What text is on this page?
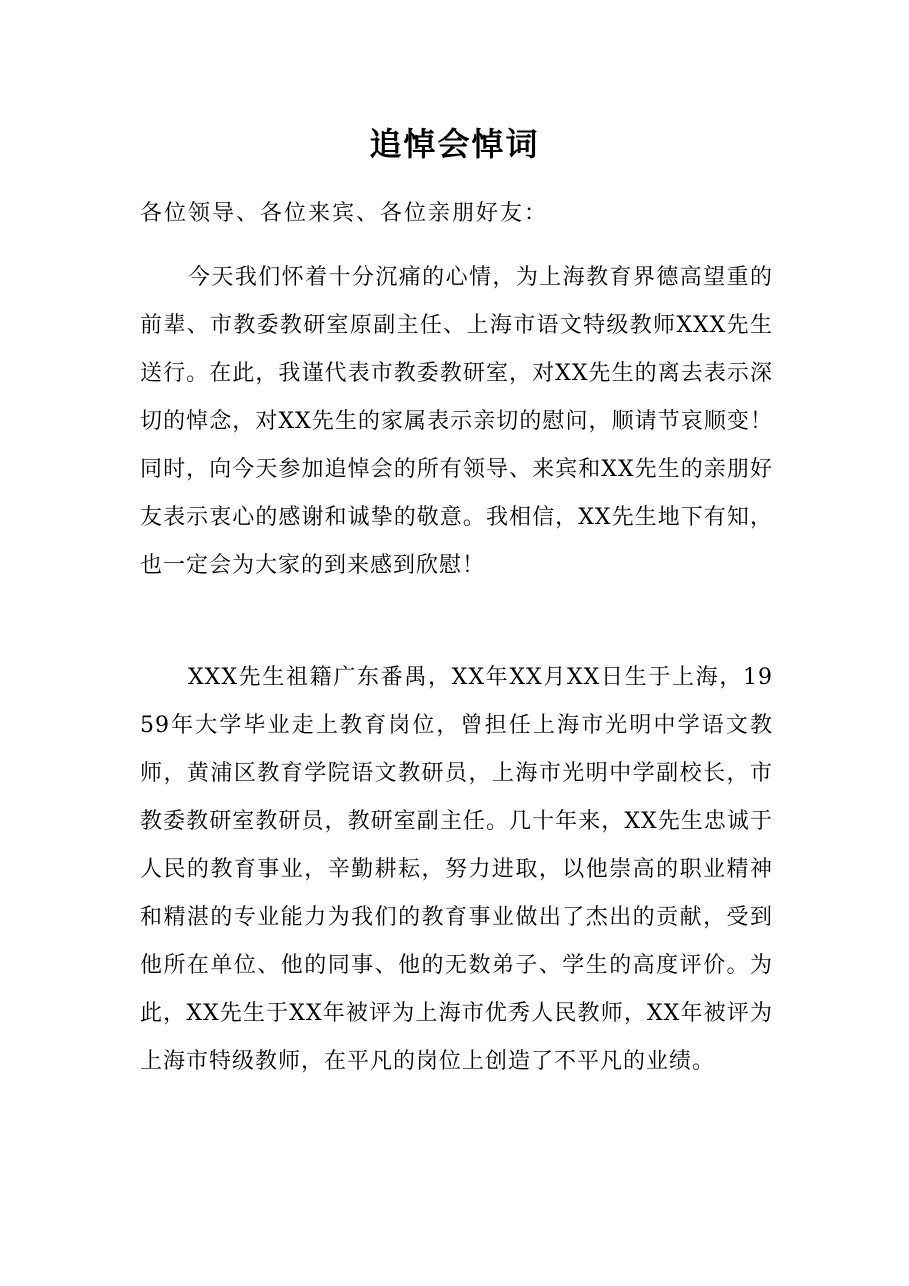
追悼会悼词
各位领导、各位来宾、各位亲朋好友：
今天我们怀着十分沉痛的心情，为上海教育界德高望重的前辈、市教委教研室原副主任、上海市语文特级教师XXX先生送行。在此，我谨代表市教委教研室，对XX先生的离去表示深切的悼念，对XX先生的家属表示亲切的慰问，顺请节哀顺变！同时，向今天参加追悼会的所有领导、来宾和XX先生的亲朋好友表示衷心的感谢和诚挚的敬意。我相信，XX先生地下有知，也一定会为大家的到来感到欣慰！
XXX先生祖籍广东番禺，XX年XX月XX日生于上海，1959年大学毕业走上教育岗位，曾担任上海市光明中学语文教师，黄浦区教育学院语文教研员，上海市光明中学副校长，市教委教研室教研员，教研室副主任。几十年来，XX先生忠诚于人民的教育事业，辛勤耕耘，努力进取，以他崇高的职业精神和精湛的专业能力为我们的教育事业做出了杰出的贡献，受到他所在单位、他的同事、他的无数弟子、学生的高度评价。为此，XX先生于XX年被评为上海市优秀人民教师，XX年被评为上海市特级教师，在平凡的岗位上创造了不平凡的业绩。
